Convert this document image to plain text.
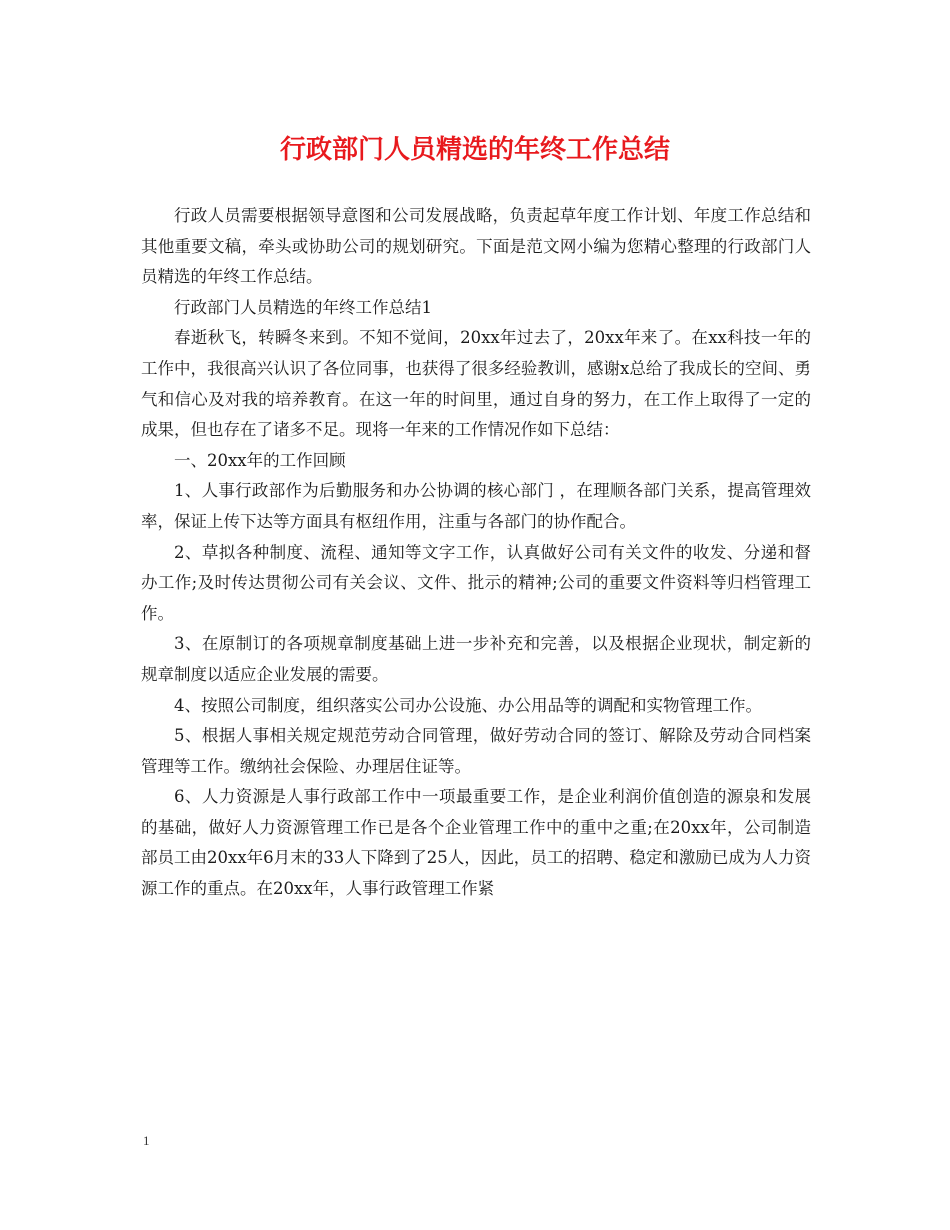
行政部门人员精选的年终工作总结

行政人员需要根据领导意图和公司发展战略，负责起草年度工作计划、年度工作总结和其他重要文稿，牵头或协助公司的规划研究。下面是范文网小编为您精心整理的行政部门人员精选的年终工作总结。

行政部门人员精选的年终工作总结1

春逝秋飞，转瞬冬来到。不知不觉间，20xx年过去了，20xx年来了。在xx科技一年的工作中，我很高兴认识了各位同事，也获得了很多经验教训，感谢x总给了我成长的空间、勇气和信心及对我的培养教育。在这一年的时间里，通过自身的努力，在工作上取得了一定的成果，但也存在了诸多不足。现将一年来的工作情况作如下总结：

一、20xx年的工作回顾

1、人事行政部作为后勤服务和办公协调的核心部门 ，在理顺各部门关系，提高管理效率，保证上传下达等方面具有枢纽作用，注重与各部门的协作配合。

2、草拟各种制度、流程、通知等文字工作，认真做好公司有关文件的收发、分递和督办工作;及时传达贯彻公司有关会议、文件、批示的精神;公司的重要文件资料等归档管理工作。

3、在原制订的各项规章制度基础上进一步补充和完善，以及根据企业现状，制定新的规章制度以适应企业发展的需要。

4、按照公司制度，组织落实公司办公设施、办公用品等的调配和实物管理工作。

5、根据人事相关规定规范劳动合同管理，做好劳动合同的签订、解除及劳动合同档案管理等工作。缴纳社会保险、办理居住证等。

6、人力资源是人事行政部工作中一项最重要工作，是企业利润价值创造的源泉和发展的基础，做好人力资源管理工作已是各个企业管理工作中的重中之重;在20xx年，公司制造部员工由20xx年6月末的33人下降到了25人，因此，员工的招聘、稳定和激励已成为人力资源工作的重点。在20xx年，人事行政管理工作紧

1
